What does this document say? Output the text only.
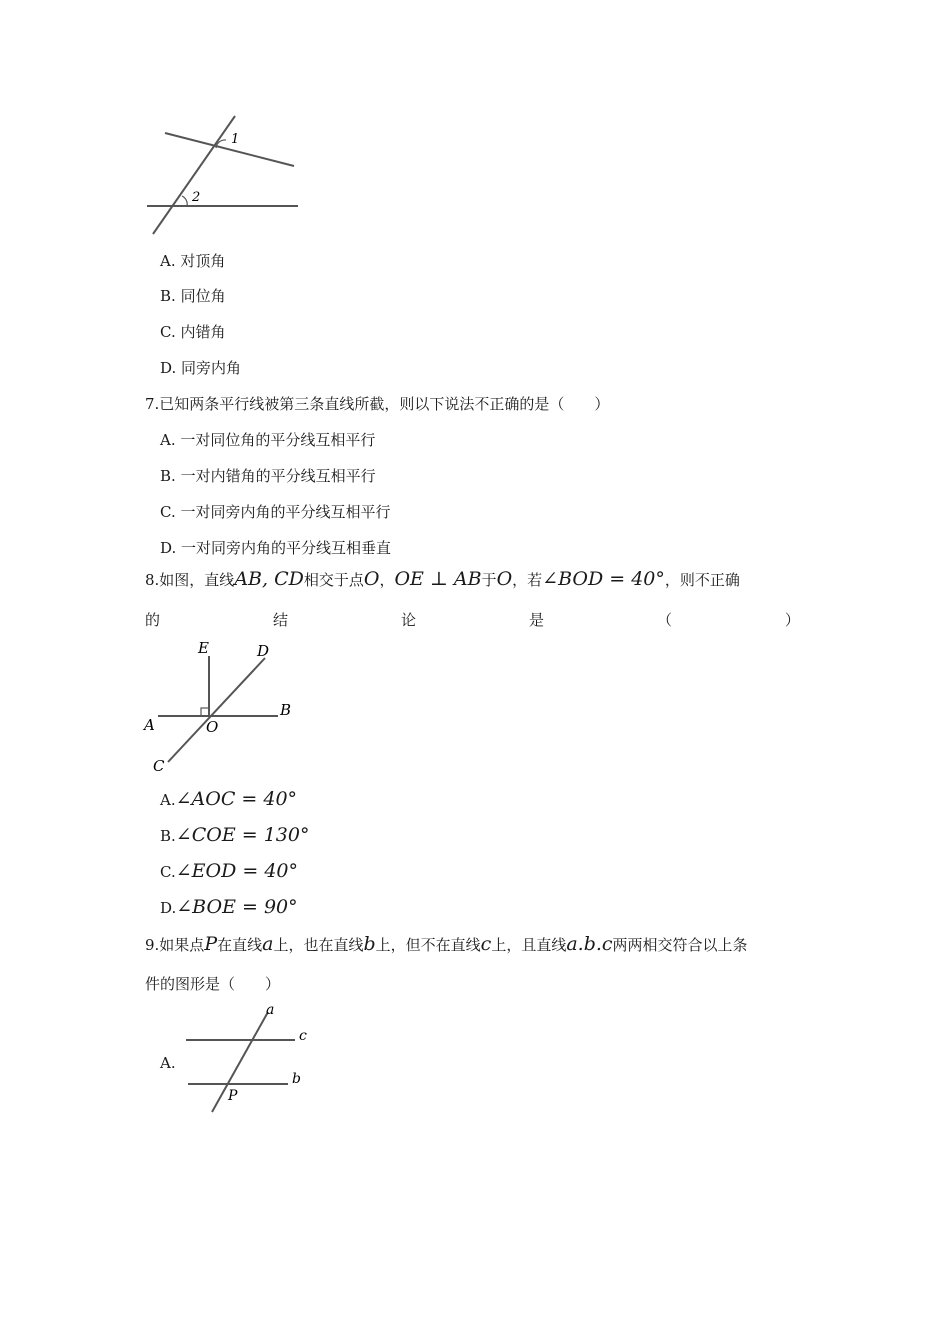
1
2
A. 对顶角
B. 同位角
C. 内错角
D. 同旁内角
7.已知两条平行线被第三条直线所截，则以下说法不正确的是（　　）
A. 一对同位角的平分线互相平行
B. 一对内错角的平分线互相平行
C. 一对同旁内角的平分线互相平行
D. 一对同旁内角的平分线互相垂直
8.如图，直线AB, CD相交于点O，OE ⊥ AB于O，若∠BOD = 40°，则不正确
的	结	论	是	（	）
E	D
A	O
B
C
A.∠AOC = 40°
B.∠COE = 130°
C.∠EOD = 40°
D.∠BOE = 90°
9.如果点P在直线a上，也在直线b上，但不在直线c上，且直线a.b.c两两相交符合以上条
件的图形是（　　）
A.
a
c
b
P
